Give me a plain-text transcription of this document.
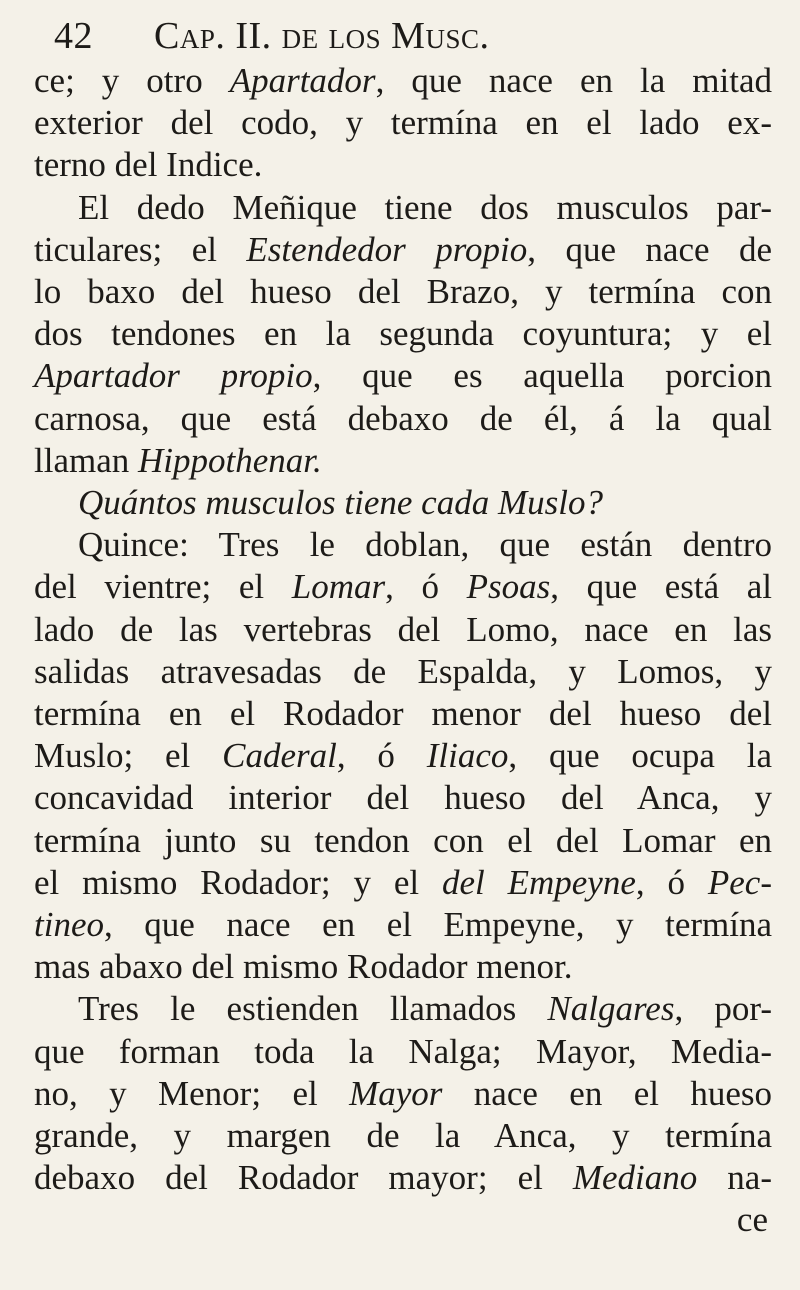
42 Cap. II. de los Musc.
ce; y otro Apartador, que nace en la mitad
exterior del codo, y termína en el lado ex-
terno del Indice.
El dedo Meñique tiene dos musculos par-
ticulares; el Estendedor propio, que nace de
lo baxo del hueso del Brazo, y termína con
dos tendones en la segunda coyuntura; y el
Apartador propio, que es aquella porcion
carnosa, que está debaxo de él, á la qual
llaman Hippothenar.
Quántos musculos tiene cada Muslo?
Quince: Tres le doblan, que están dentro
del vientre; el Lomar, ó Psoas, que está al
lado de las vertebras del Lomo, nace en las
salidas atravesadas de Espalda, y Lomos, y
termína en el Rodador menor del hueso del
Muslo; el Caderal, ó Iliaco, que ocupa la
concavidad interior del hueso del Anca, y
termína junto su tendon con el del Lomar en
el mismo Rodador; y el del Empeyne, ó Pec-
tineo, que nace en el Empeyne, y termína
mas abaxo del mismo Rodador menor.
Tres le estienden llamados Nalgares, por-
que forman toda la Nalga; Mayor, Media-
no, y Menor; el Mayor nace en el hueso
grande, y margen de la Anca, y termína
debaxo del Rodador mayor; el Mediano na-
ce
